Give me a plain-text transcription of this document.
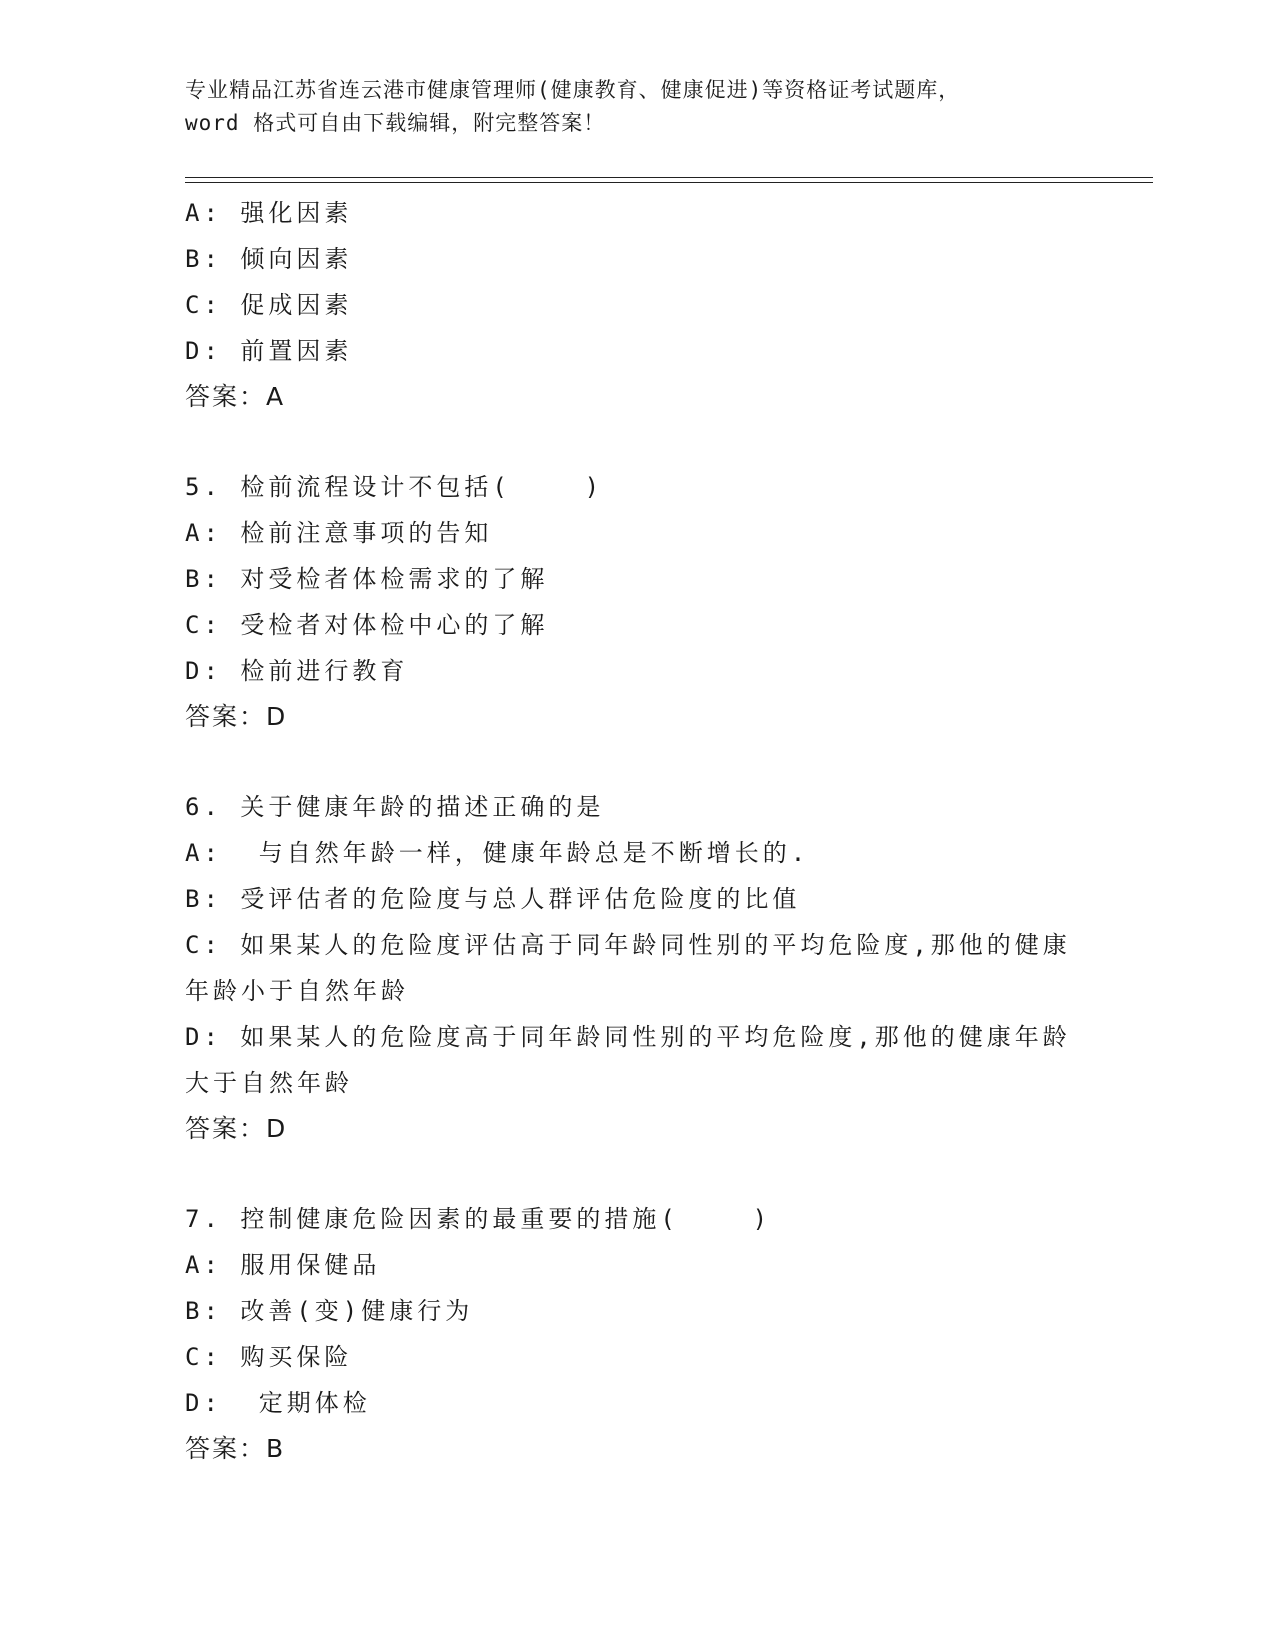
专业精品江苏省连云港市健康管理师(健康教育、健康促进)等资格证考试题库，
word 格式可自由下载编辑，附完整答案！
A: 强化因素
B: 倾向因素
C: 促成因素
D: 前置因素
答案：A
5. 检前流程设计不包括(    )
A: 检前注意事项的告知
B: 对受检者体检需求的了解
C: 受检者对体检中心的了解
D: 检前进行教育
答案：D
6. 关于健康年龄的描述正确的是
A:  与自然年龄一样，健康年龄总是不断增长的.
B: 受评估者的危险度与总人群评估危险度的比值
C: 如果某人的危险度评估高于同年龄同性别的平均危险度,那他的健康年龄小于自然年龄
D: 如果某人的危险度高于同年龄同性别的平均危险度,那他的健康年龄大于自然年龄
答案：D
7. 控制健康危险因素的最重要的措施(    )
A: 服用保健品
B: 改善(变)健康行为
C: 购买保险
D:  定期体检
答案：B
